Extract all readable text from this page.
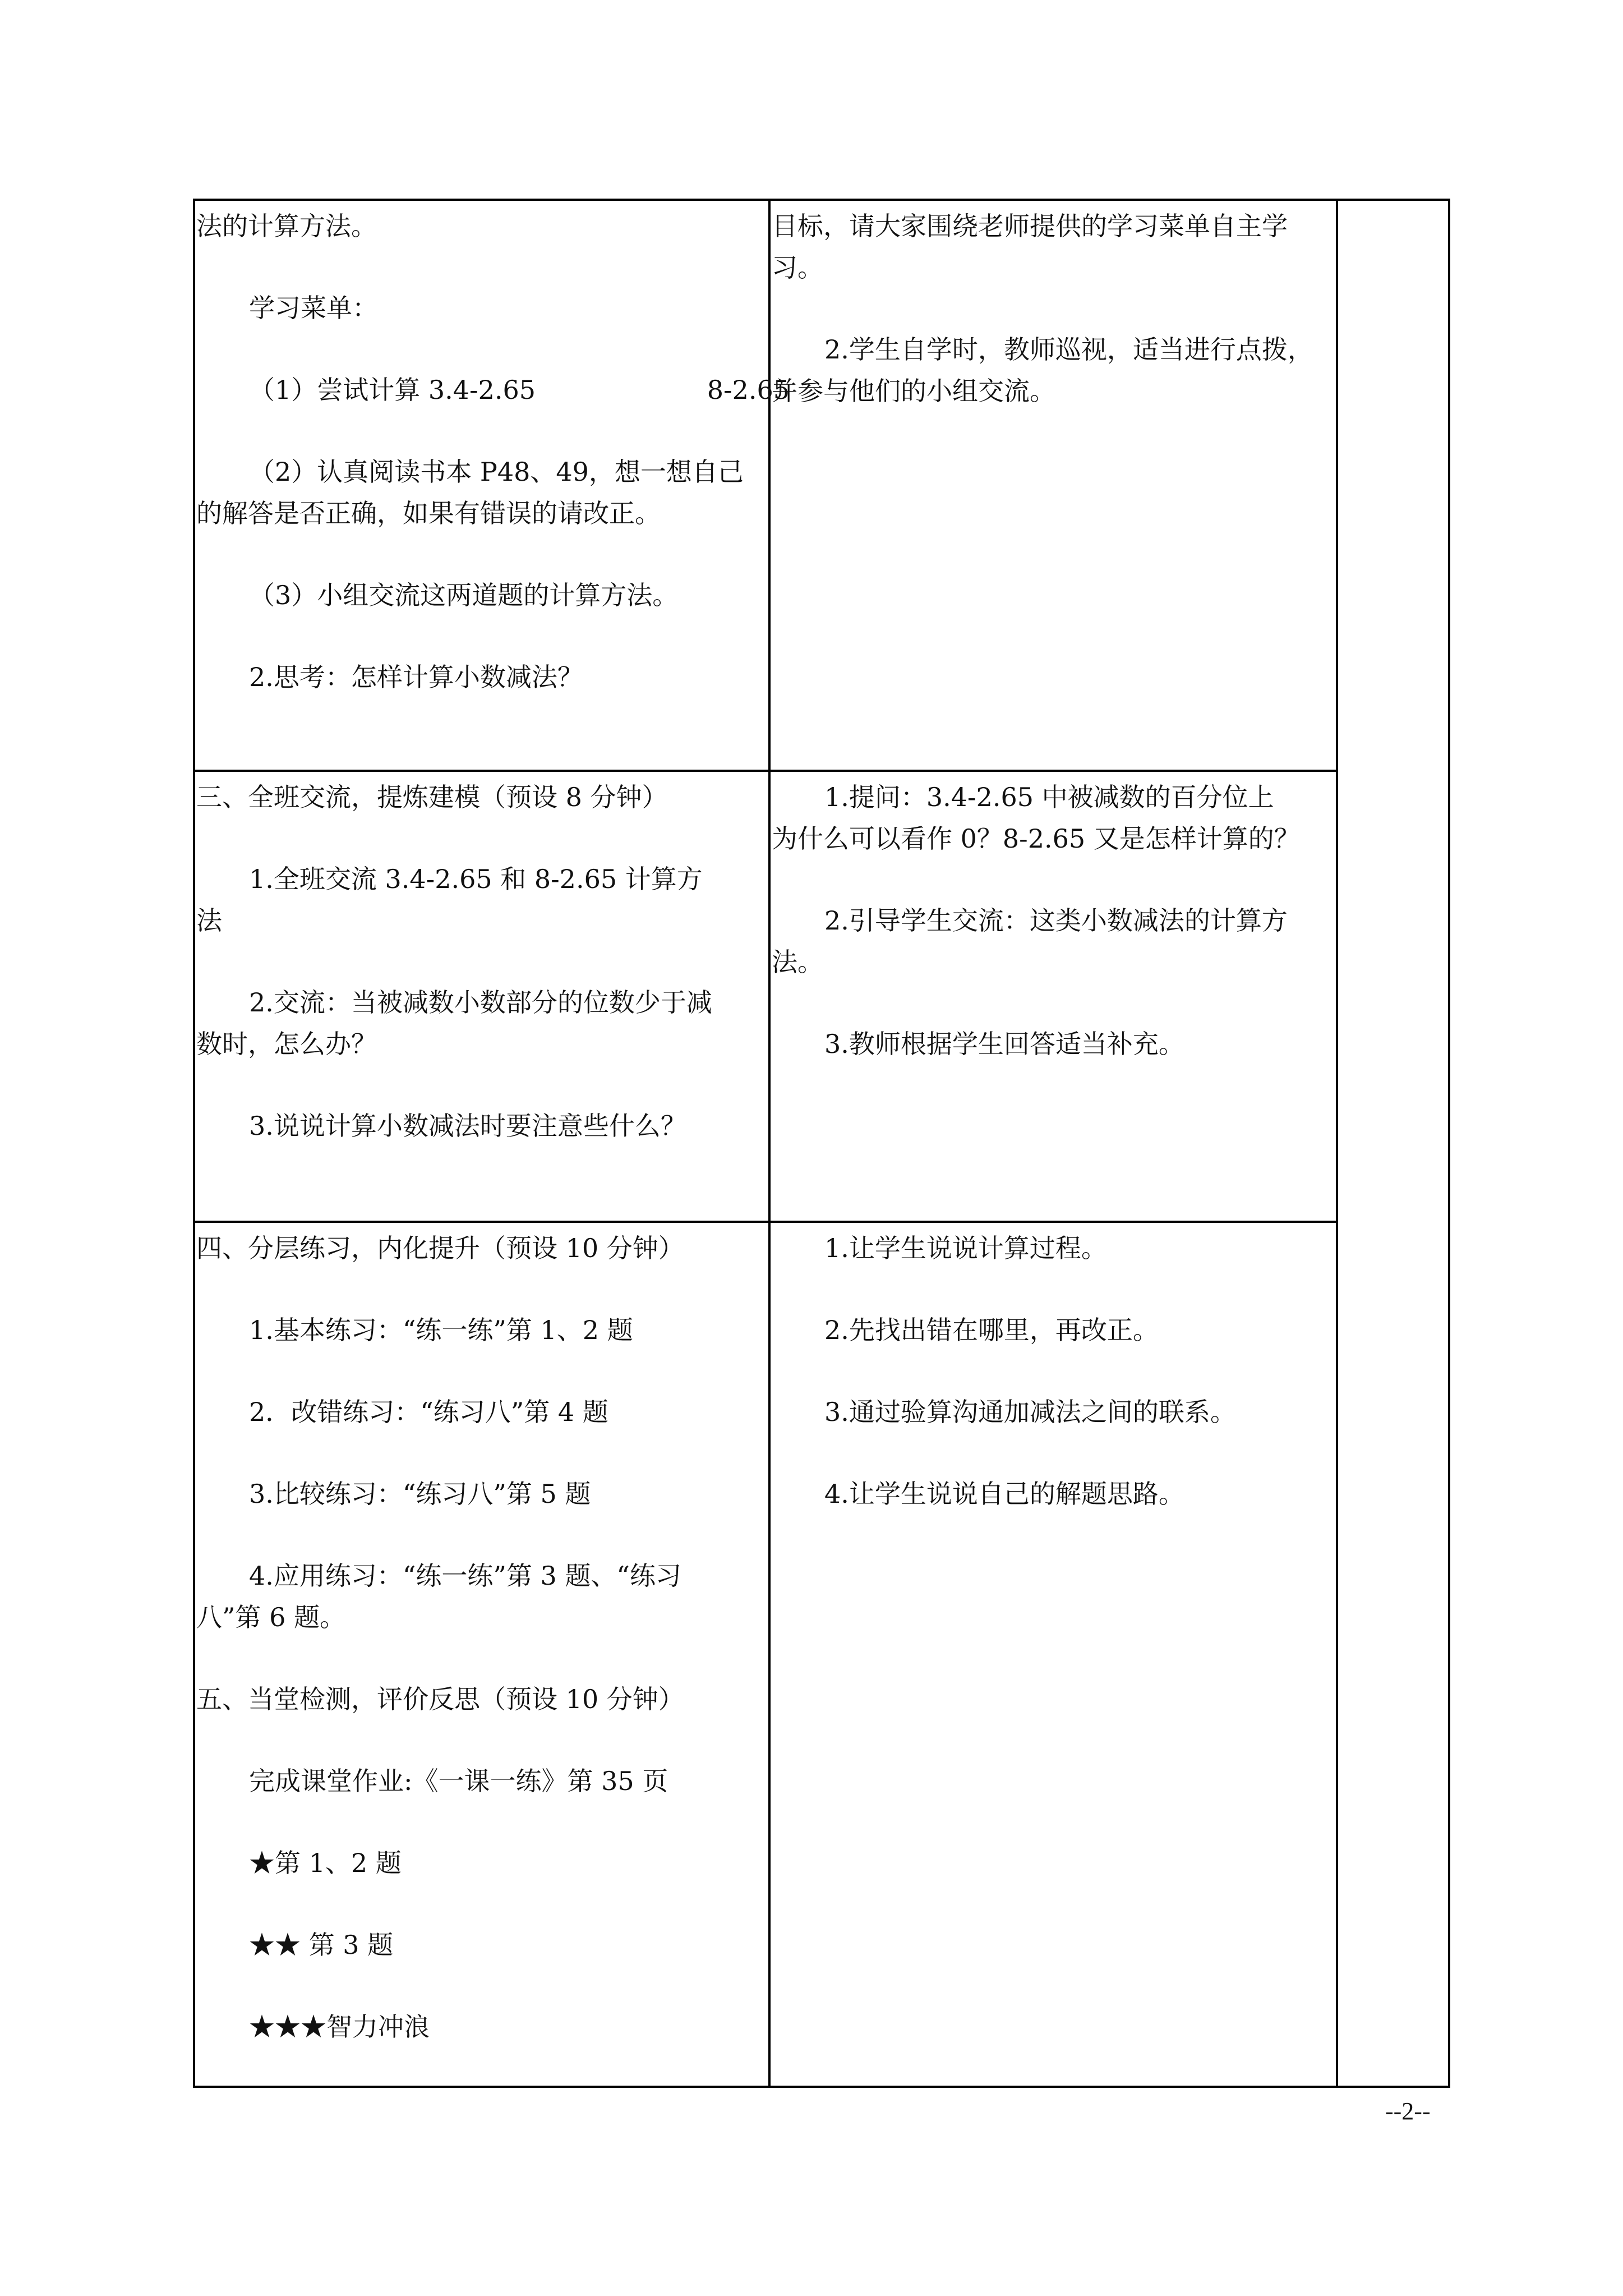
法的计算方法。

学习菜单：

（1）尝试计算 3.4-2.65	8-2.65

（2）认真阅读书本 P48、49，想一想自己

的解答是否正确，如果有错误的请改正。

（3）小组交流这两道题的计算方法。

2.思考：怎样计算小数减法？

目标，请大家围绕老师提供的学习菜单自主学

习。

2.学生自学时，教师巡视，适当进行点拨，

并参与他们的小组交流。

三、全班交流，提炼建模（预设 8 分钟）

1.全班交流 3.4-2.65 和 8-2.65 计算方

法

2.交流：当被减数小数部分的位数少于减

数时，怎么办？

3.说说计算小数减法时要注意些什么？

1.提问：3.4-2.65 中被减数的百分位上

为什么可以看作 0？8-2.65 又是怎样计算的？

2.引导学生交流：这类小数减法的计算方

法。

3.教师根据学生回答适当补充。

四、分层练习，内化提升（预设 10 分钟）

1.基本练习：“练一练”第 1、2 题

2．改错练习：“练习八”第 4 题

3.比较练习：“练习八”第 5 题

4.应用练习：“练一练”第 3 题、“练习

八”第 6 题。

五、当堂检测，评价反思（预设 10 分钟）

完成课堂作业:《一课一练》第 35 页

★第 1、2 题

★★ 第 3 题

★★★智力冲浪

1.让学生说说计算过程。

2.先找出错在哪里，再改正。

3.通过验算沟通加减法之间的联系。

4.让学生说说自己的解题思路。

--2--
